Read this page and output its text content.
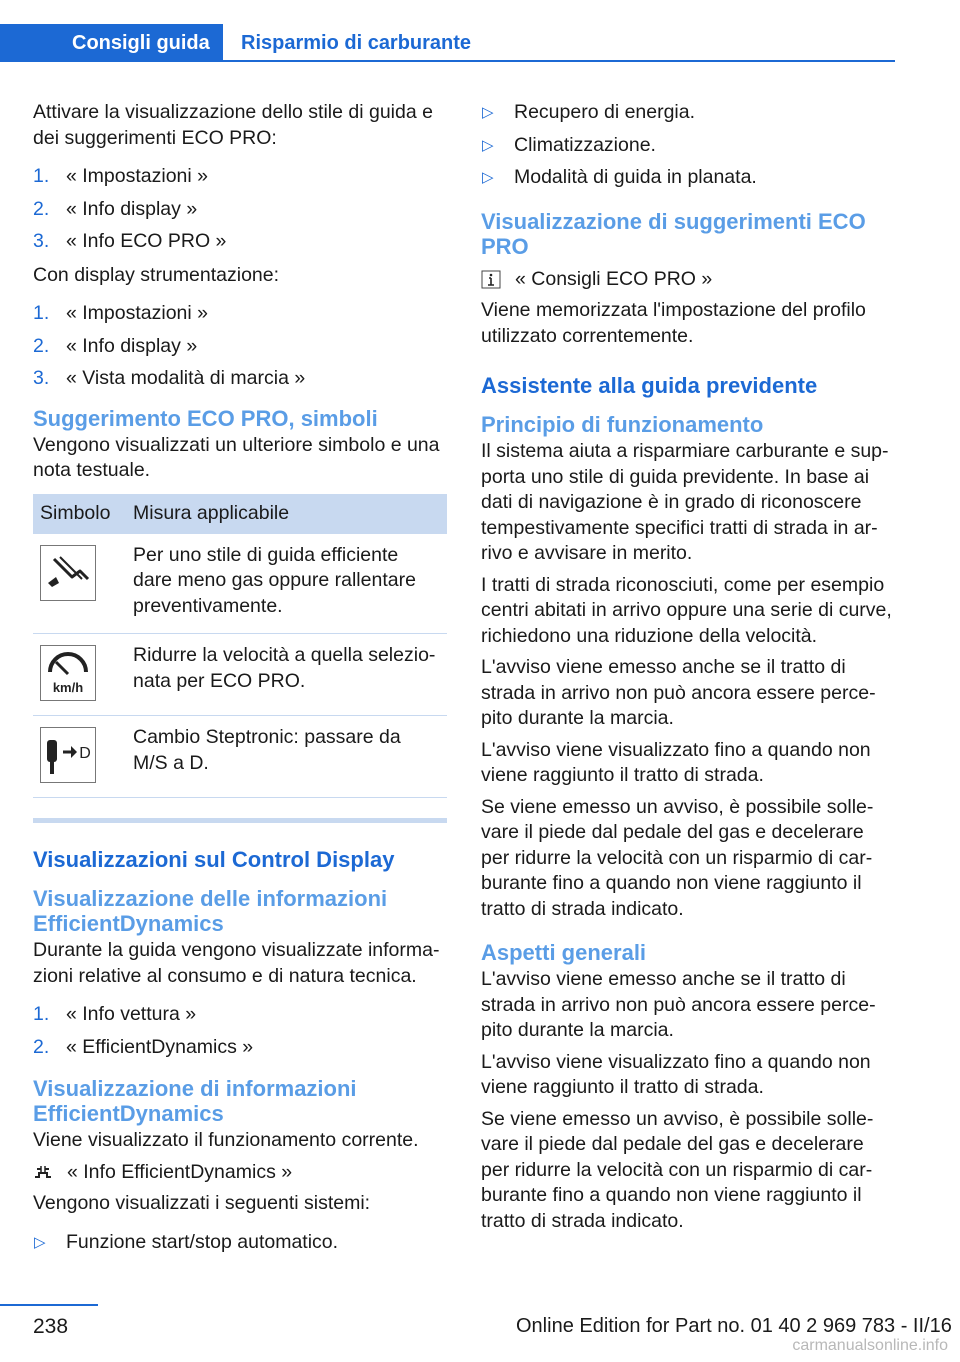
Consigli guida	Risparmio di carburante

Attivare la visualizzazione dello stile di guida e dei suggerimenti ECO PRO:

1. « Impostazioni »
2. « Info display »
3. « Info ECO PRO »

Con display strumentazione:

1. « Impostazioni »
2. « Info display »
3. « Vista modalità di marcia »
Suggerimento ECO PRO, simboli

Vengono visualizzati un ulteriore simbolo e una nota testuale.

Simbolo	Misura applicabile

	Per uno stile di guida efficiente dare meno gas oppure rallentare preventivamente.

km/h	Ridurre la velocità a quella selezionata per ECO PRO.

D	Cambio Steptronic: passare da M/S a D.
Visualizzazioni sul Control Display
Visualizzazione delle informazioni EfficientDynamics

Durante la guida vengono visualizzate informazioni relative al consumo e di natura tecnica.

1. « Info vettura »
2. « EfficientDynamics »
Visualizzazione di informazioni EfficientDynamics

Viene visualizzato il funzionamento corrente.

« Info EfficientDynamics »

Vengono visualizzati i seguenti sistemi:

▷ Funzione start/stop automatico.
▷ Recupero di energia.
▷ Climatizzazione.
▷ Modalità di guida in planata.
Visualizzazione di suggerimenti ECO PRO
« Consigli ECO PRO »

Viene memorizzata l'impostazione del profilo utilizzato correntemente.

Assistente alla guida previdente
Principio di funzionamento

Il sistema aiuta a risparmiare carburante e supporta uno stile di guida previdente. In base ai dati di navigazione è in grado di riconoscere tempestivamente specifici tratti di strada in arrivo e avvisare in merito.

I tratti di strada riconosciuti, come per esempio centri abitati in arrivo oppure una serie di curve, richiedono una riduzione della velocità.

L'avviso viene emesso anche se il tratto di strada in arrivo non può ancora essere percepito durante la marcia.

L'avviso viene visualizzato fino a quando non viene raggiunto il tratto di strada.

Se viene emesso un avviso, è possibile sollevare il piede dal pedale del gas e decelerare per ridurre la velocità con un risparmio di carburante fino a quando non viene raggiunto il tratto di strada indicato.

Aspetti generali

L'avviso viene emesso anche se il tratto di strada in arrivo non può ancora essere percepito durante la marcia.

L'avviso viene visualizzato fino a quando non viene raggiunto il tratto di strada.

Se viene emesso un avviso, è possibile sollevare il piede dal pedale del gas e decelerare per ridurre la velocità con un risparmio di carburante fino a quando non viene raggiunto il tratto di strada indicato.

238	Online Edition for Part no. 01 40 2 969 783 - II/16
carmanualsonline.info
